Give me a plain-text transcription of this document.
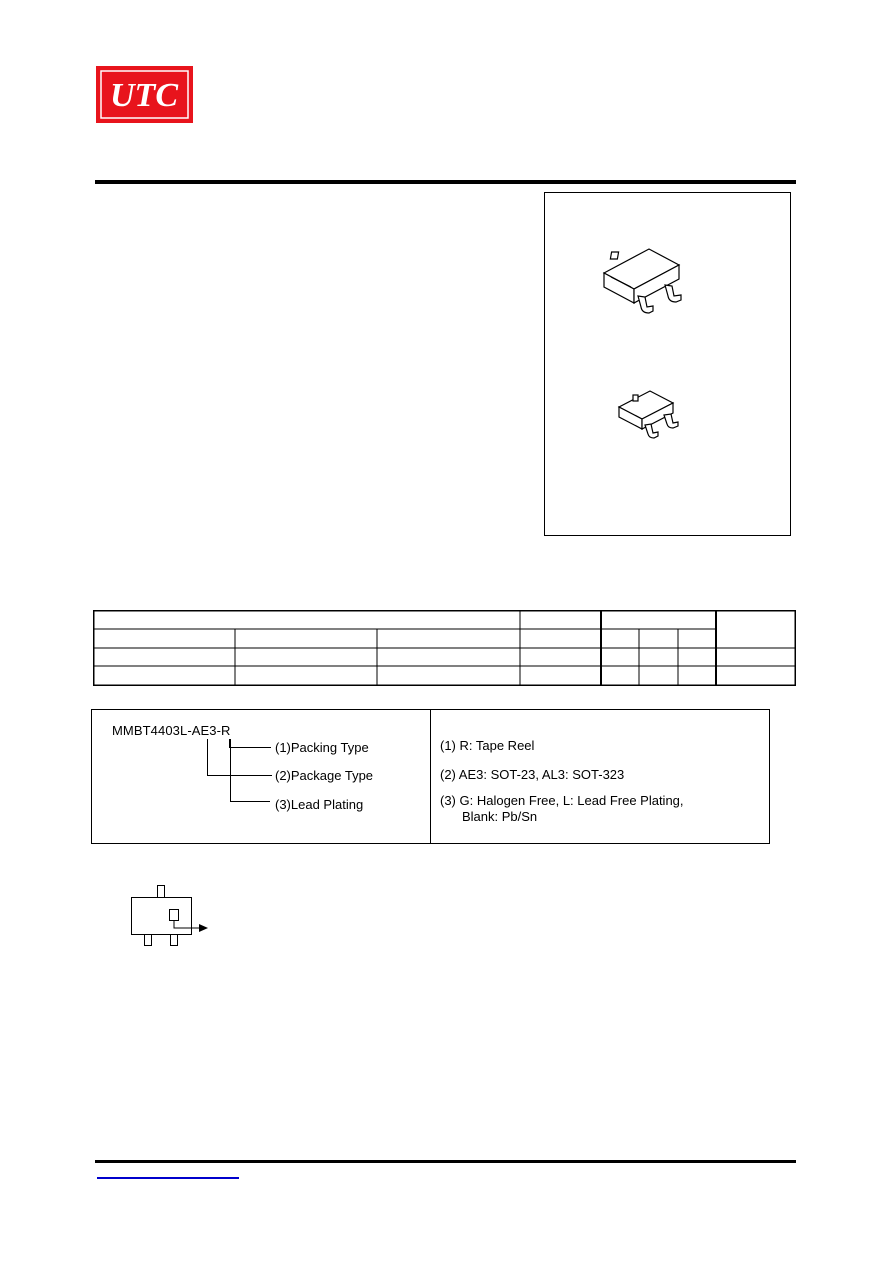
UTC
MMBT4403L-AE3-R
(1)Packing Type
(2)Package Type
(3)Lead Plating
(1) R: Tape Reel
(2) AE3: SOT-23, AL3: SOT-323
(3) G: Halogen Free, L: Lead Free Plating,
Blank: Pb/Sn
